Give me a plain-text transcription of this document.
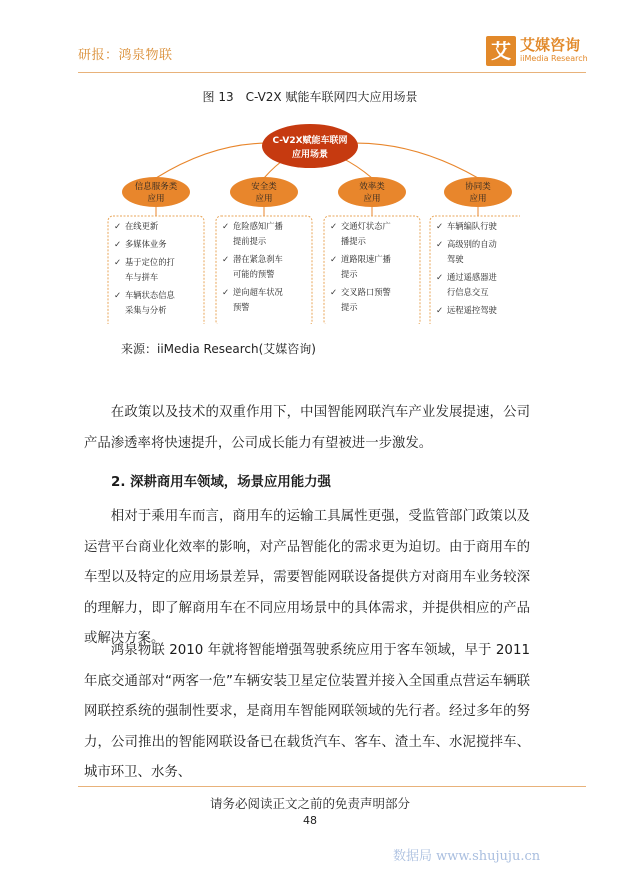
研报：鸿泉物联	艾 艾媒咨询
iiMedia Research
图 13　C-V2X 赋能车联网四大应用场景
C-V2X赋能车联网应用场景
信息服务类应用
✓ 在线更新
✓ 多媒体业务
✓ 基于定位的打车与拼车
✓ 车辆状态信息采集与分析
安全类应用
✓ 危险感知广播提前提示
✓ 潜在紧急刹车可能的预警
✓ 逆向超车状况预警
效率类应用
✓ 交通灯状态广播提示
✓ 道路限速广播提示
✓ 交叉路口预警提示
协同类应用
✓ 车辆编队行驶
✓ 高级别的自动驾驶
✓ 通过遥感器进行信息交互
✓ 远程遥控驾驶
来源：iiMedia Research(艾媒咨询)

在政策以及技术的双重作用下，中国智能网联汽车产业发展提速，公司产品渗透率将快速提升，公司成长能力有望被进一步激发。

2. 深耕商用车领域，场景应用能力强

相对于乘用车而言，商用车的运输工具属性更强，受监管部门政策以及运营平台商业化效率的影响，对产品智能化的需求更为迫切。由于商用车的车型以及特定的应用场景差异，需要智能网联设备提供方对商用车业务较深的理解力，即了解商用车在不同应用场景中的具体需求，并提供相应的产品或解决方案。

鸿泉物联 2010 年就将智能增强驾驶系统应用于客车领域，早于 2011 年底交通部对“两客一危”车辆安装卫星定位装置并接入全国重点营运车辆联网联控系统的强制性要求，是商用车智能网联领域的先行者。经过多年的努力，公司推出的智能网联设备已在载货汽车、客车、渣土车、水泥搅拌车、城市环卫、水务、

请务必阅读正文之前的免责声明部分
48
数据局 www.shujuju.cn
